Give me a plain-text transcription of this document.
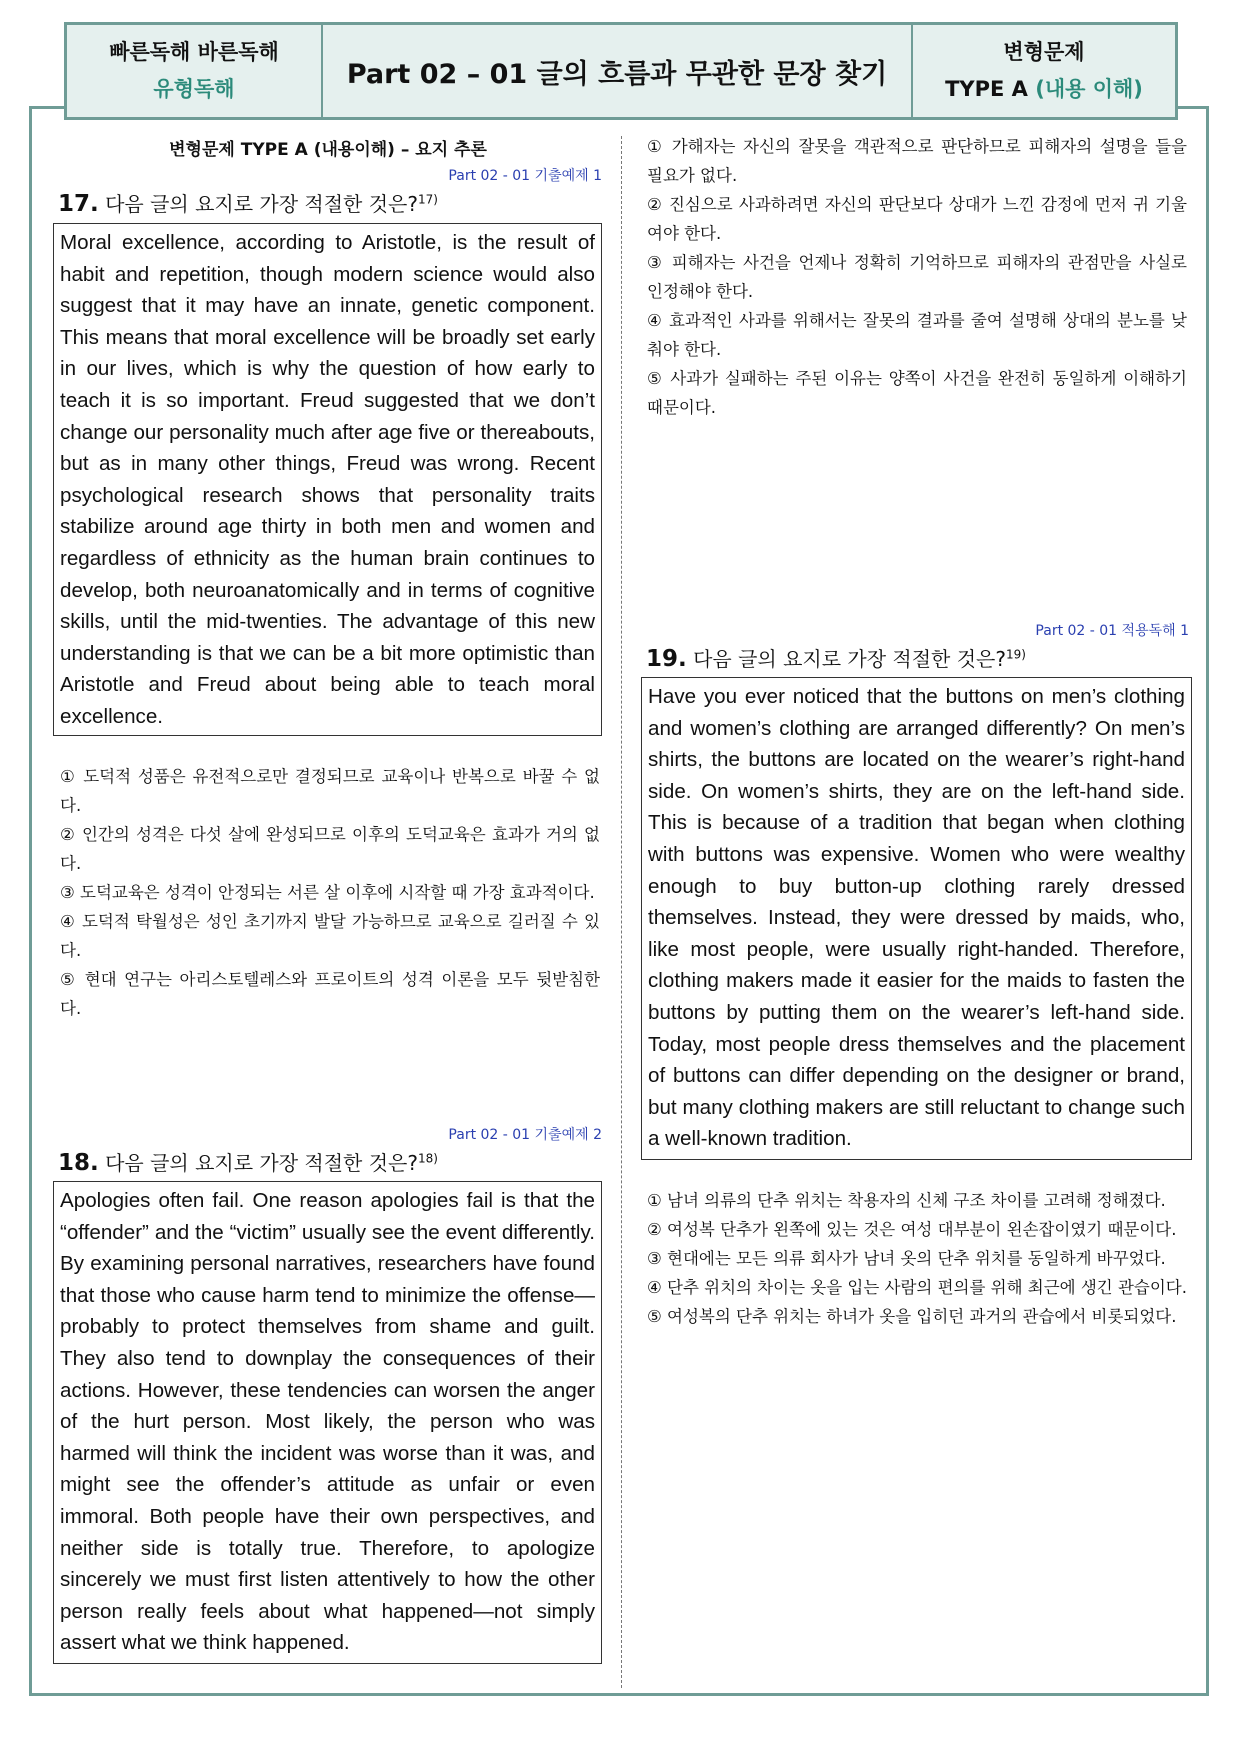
빠른독해 바른독해
유형독해	Part 02 – 01 글의 흐름과 무관한 문장 찾기
변형문제
TYPE A (내용 이해)
변형문제 TYPE A (내용이해) – 요지 추론
Part 02 - 01 기출예제 1
17. 다음 글의 요지로 가장 적절한 것은?$^{17)}$
Moral excellence, according to Aristotle, is the result of habit and repetition, though modern science would also suggest that it may have an innate, genetic component. This means that moral excellence will be broadly set early in our lives, which is why the question of how early to teach it is so important. Freud suggested that we don’t change our personality much after age five or thereabouts, but as in many other things, Freud was wrong. Recent psychological research shows that personality traits stabilize around age thirty in both men and women and regardless of ethnicity as the human brain continues to develop, both neuroanatomically and in terms of cognitive skills, until the mid-twenties. The advantage of this new understanding is that we can be a bit more optimistic than Aristotle and Freud about being able to teach moral excellence.

① 도덕적 성품은 유전적으로만 결정되므로 교육이나 반복으로 바꿀 수 없다.

② 인간의 성격은 다섯 살에 완성되므로 이후의 도덕교육은 효과가 거의 없다.

③ 도덕교육은 성격이 안정되는 서른 살 이후에 시작할 때 가장 효과적이다.

④ 도덕적 탁월성은 성인 초기까지 발달 가능하므로 교육으로 길러질 수 있다.

⑤ 현대 연구는 아리스토텔레스와 프로이트의 성격 이론을 모두 뒷받침한다.

Part 02 - 01 기출예제 2
18. 다음 글의 요지로 가장 적절한 것은?$^{18)}$
Apologies often fail. One reason apologies fail is that the “offender” and the “victim” usually see the event differently. By examining personal narratives, researchers have found that those who cause harm tend to minimize the offense—probably to protect themselves from shame and guilt. They also tend to downplay the consequences of their actions. However, these tendencies can worsen the anger of the hurt person. Most likely, the person who was harmed will think the incident was worse than it was, and might see the offender’s attitude as unfair or even immoral. Both people have their own perspectives, and neither side is totally true. Therefore, to apologize sincerely we must first listen attentively to how the other person really feels about what happened—not simply assert what we think happened.

① 가해자는 자신의 잘못을 객관적으로 판단하므로 피해자의 설명을 들을 필요가 없다.

② 진심으로 사과하려면 자신의 판단보다 상대가 느낀 감정에 먼저 귀 기울여야 한다.

③ 피해자는 사건을 언제나 정확히 기억하므로 피해자의 관점만을 사실로 인정해야 한다.

④ 효과적인 사과를 위해서는 잘못의 결과를 줄여 설명해 상대의 분노를 낮춰야 한다.

⑤ 사과가 실패하는 주된 이유는 양쪽이 사건을 완전히 동일하게 이해하기 때문이다.

Part 02 - 01 적용독해 1
19. 다음 글의 요지로 가장 적절한 것은?$^{19)}$
Have you ever noticed that the buttons on men’s clothing and women’s clothing are arranged differently? On men’s shirts, the buttons are located on the wearer’s right-hand side. On women’s shirts, they are on the left-hand side. This is because of a tradition that began when clothing with buttons was expensive. Women who were wealthy enough to buy button-up clothing rarely dressed themselves. Instead, they were dressed by maids, who, like most people, were usually right-handed. Therefore, clothing makers made it easier for the maids to fasten the buttons by putting them on the wearer’s left-hand side. Today, most people dress themselves and the placement of buttons can differ depending on the designer or brand, but many clothing makers are still reluctant to change such a well-known tradition.

① 남녀 의류의 단추 위치는 착용자의 신체 구조 차이를 고려해 정해졌다.

② 여성복 단추가 왼쪽에 있는 것은 여성 대부분이 왼손잡이였기 때문이다.

③ 현대에는 모든 의류 회사가 남녀 옷의 단추 위치를 동일하게 바꾸었다.

④ 단추 위치의 차이는 옷을 입는 사람의 편의를 위해 최근에 생긴 관습이다.

⑤ 여성복의 단추 위치는 하녀가 옷을 입히던 과거의 관습에서 비롯되었다.
